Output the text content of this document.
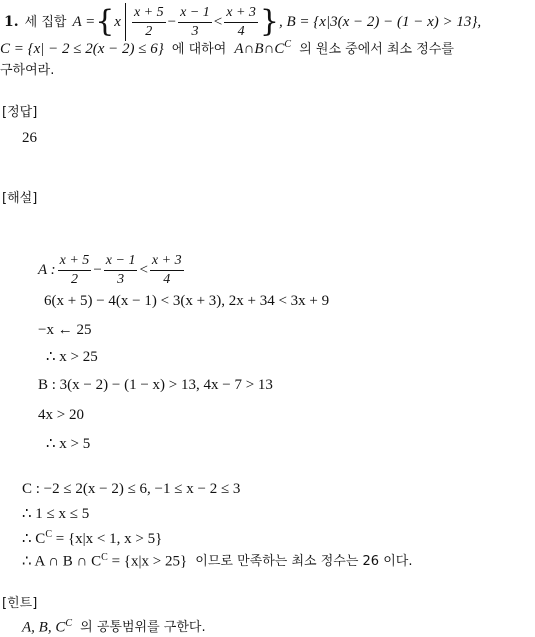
1. 세 집합 A = { x $\frac{x + 5}{2} - \frac{x - 1}{3} < \frac{x + 3}{4}$ } , B = {x|3(x − 2) − (1 − x) > 13},
C = {x| − 2 ≤ 2(x − 2) ≤ 6} 에 대하여 $A\cap B\cap C^C$ 의 원소 중에서 최소 정수를
구하여라.
[정답]
26
[해설]
A : $\frac{x + 5}{2} - \frac{x - 1}{3} < \frac{x + 3}{4}$
6(x + 5) − 4(x − 1) < 3(x + 3), 2x + 34 < 3x + 9
−x ← 25
∴ x > 25
B : 3(x − 2) − (1 − x) > 13, 4x − 7 > 13
4x > 20
∴ x > 5
C : −2 ≤ 2(x − 2) ≤ 6, −1 ≤ x − 2 ≤ 3
∴ 1 ≤ x ≤ 5
∴ $C^C = \{x|x < 1$, x > 5}
∴ A ∩ B ∩ $C^C = \{x|x > 25\}$ 이므로 만족하는 최소 정수는 26 이다.
[힌트]
A, B, $C^C$ 의 공통범위를 구한다.
